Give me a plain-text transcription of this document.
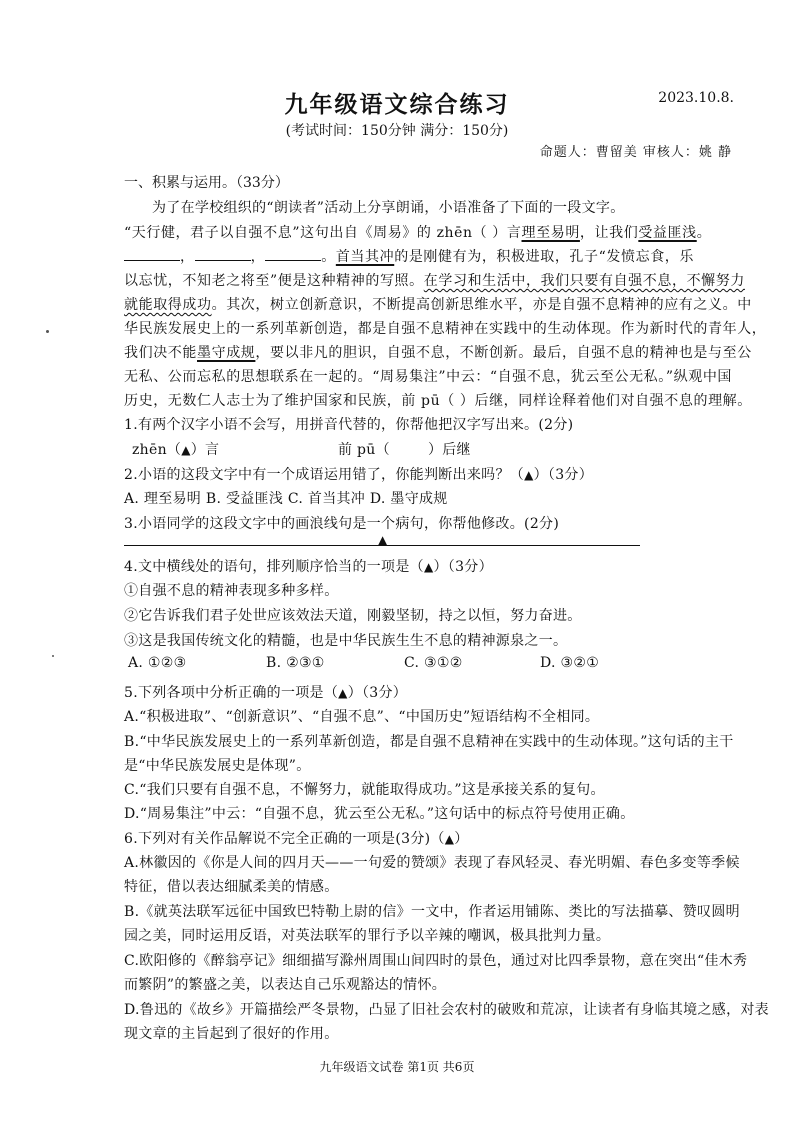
九年级语文综合练习	2023.10.8.
(考试时间：150分钟 满分：150分)
命题人：曹留美 审核人：姚 静
一、积累与运用。（33分）
为了在学校组织的“朗读者”活动上分享朗诵，小语准备了下面的一段文字。
“天行健，君子以自强不息”这句出自《周易》的 zhēn（ ）言理至易明，让我们受益匪浅。
，	，	。首当其冲的是刚健有为，积极进取，孔子“发愤忘食，乐
以忘忧，不知老之将至”便是这种精神的写照。在学习和生活中，我们只要有自强不息，不懈努力
就能取得成功。其次，树立创新意识，不断提高创新思维水平，亦是自强不息精神的应有之义。中
华民族发展史上的一系列革新创造，都是自强不息精神在实践中的生动体现。作为新时代的青年人，
我们决不能墨守成规，要以非凡的胆识，自强不息，不断创新。最后，自强不息的精神也是与至公
无私、公而忘私的思想联系在一起的。“周易集注”中云：“自强不息，犹云至公无私。”纵观中国
历史，无数仁人志士为了维护国家和民族，前 pū（ ）后继，同样诠释着他们对自强不息的理解。
1.有两个汉字小语不会写，用拼音代替的，你帮他把汉字写出来。(2分)
zhēn（▲）言	前 pū（	）后继
2.小语的这段文字中有一个成语运用错了，你能判断出来吗？（▲）（3分）
A. 理至易明 B. 受益匪浅 C. 首当其冲 D. 墨守成规
3.小语同学的这段文字中的画浪线句是一个病句，你帮他修改。(2分)
▲
4.文中横线处的语句，排列顺序恰当的一项是（▲）（3分）
①自强不息的精神表现多种多样。
②它告诉我们君子处世应该效法天道，刚毅坚韧，持之以恒，努力奋进。
③这是我国传统文化的精髓，也是中华民族生生不息的精神源泉之一。
A. ①②③	B. ②③①	C. ③①②	D. ③②①
5.下列各项中分析正确的一项是（▲）（3分）
A.“积极进取”、“创新意识”、“自强不息”、“中国历史”短语结构不全相同。
B.“中华民族发展史上的一系列革新创造，都是自强不息精神在实践中的生动体现。”这句话的主干
是“中华民族发展史是体现”。
C.“我们只要有自强不息，不懈努力，就能取得成功。”这是承接关系的复句。
D.“周易集注”中云：“自强不息，犹云至公无私。”这句话中的标点符号使用正确。
6.下列对有关作品解说不完全正确的一项是(3分)（▲）
A.林徽因的《你是人间的四月天——一句爱的赞颂》表现了春风轻灵、春光明媚、春色多变等季候
特征，借以表达细腻柔美的情感。
B.《就英法联军远征中国致巴特勒上尉的信》一文中，作者运用铺陈、类比的写法描摹、赞叹圆明
园之美，同时运用反语，对英法联军的罪行予以辛辣的嘲讽，极具批判力量。
C.欧阳修的《醉翁亭记》细细描写滁州周围山间四时的景色，通过对比四季景物，意在突出“佳木秀
而繁阴”的繁盛之美，以表达自己乐观豁达的情怀。
D.鲁迅的《故乡》开篇描绘严冬景物，凸显了旧社会农村的破败和荒凉，让读者有身临其境之感，对表
现文章的主旨起到了很好的作用。
九年级语文试卷 第1页 共6页
